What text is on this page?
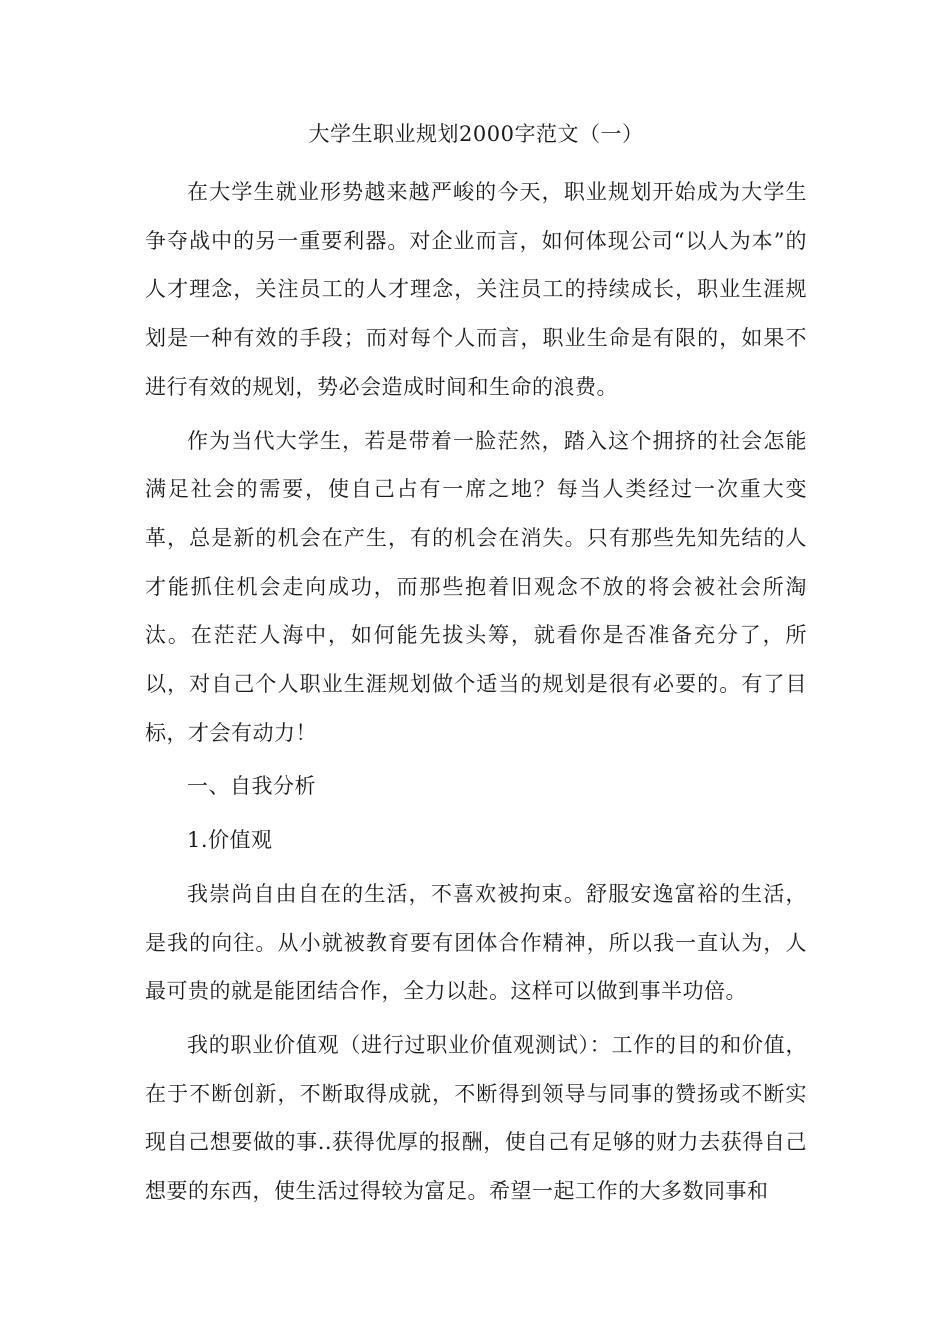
大学生职业规划2000字范文（一）

在大学生就业形势越来越严峻的今天，职业规划开始成为大学生争夺战中的另一重要利器。对企业而言，如何体现公司“以人为本”的人才理念，关注员工的人才理念，关注员工的持续成长，职业生涯规划是一种有效的手段；而对每个人而言，职业生命是有限的，如果不进行有效的规划，势必会造成时间和生命的浪费。

作为当代大学生，若是带着一脸茫然，踏入这个拥挤的社会怎能满足社会的需要，使自己占有一席之地？每当人类经过一次重大变革，总是新的机会在产生，有的机会在消失。只有那些先知先结的人才能抓住机会走向成功，而那些抱着旧观念不放的将会被社会所淘汰。在茫茫人海中，如何能先拔头筹，就看你是否准备充分了，所以，对自己个人职业生涯规划做个适当的规划是很有必要的。有了目标，才会有动力！

一、自我分析

1.价值观

我崇尚自由自在的生活，不喜欢被拘束。舒服安逸富裕的生活，是我的向往。从小就被教育要有团体合作精神，所以我一直认为，人最可贵的就是能团结合作，全力以赴。这样可以做到事半功倍。

我的职业价值观（进行过职业价值观测试）：工作的目的和价值，在于不断创新，不断取得成就，不断得到领导与同事的赞扬或不断实现自己想要做的事..获得优厚的报酬，使自己有足够的财力去获得自己想要的东西，使生活过得较为富足。希望一起工作的大多数同事和
